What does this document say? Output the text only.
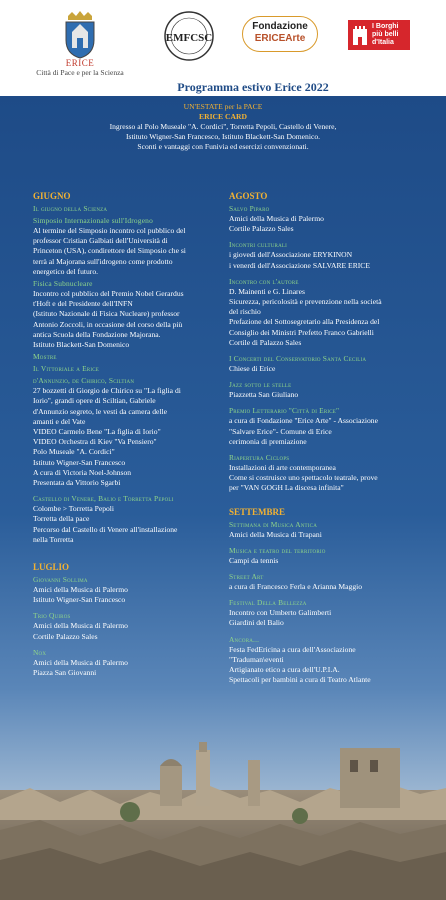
ERICE
Città di Pace e per la Scienza
EMFCSC
Fondazione
ERICEArte
I Borghi
più belli
d'Italia
Programma estivo Erice 2022
UN'ESTATE per la PACE
ERICE CARD
Ingresso al Polo Museale "A. Cordici", Torretta Pepoli, Castello di Venere,
Istituto Wigner-San Francesco, Istituto Blackett-San Domenico.
Sconti e vantaggi con Funivia ed esercizi convenzionati.
GIUGNO
Il giugno della Scienza
Simposio Internazionale sull'Idrogeno
Al termine del Simposio incontro col pubblico del
professor Cristian Galbiati dell'Università di
Princeton (USA), condirettore del Simposio che si
terrà al Majorana sull'idrogeno come prodotto
energetico del futuro.
Fisica Subnucleare
Incontro col pubblico del Premio Nobel Gerardus
t'Hoft e del Presidente dell'INFN
(Istituto Nazionale di Fisica Nucleare) professor
Antonio Zoccoli, in occasione del corso della più
antica Scuola della Fondazione Majorana.
Istituto Blackett-San Domenico
Mostre
Il Vittoriale a Erice
d'Annunzio, de Chirico, Sciltian
27 bozzetti di Giorgio de Chirico su "La figlia di
Iorio", grandi opere di Sciltian, Gabriele
d'Annunzio segreto, le vesti da camera delle
amanti e del Vate
VIDEO Carmelo Bene "La figlia di Iorio"
VIDEO Orchestra di Kiev "Va Pensiero"
Polo Museale "A. Cordici"
Istituto Wigner-San Francesco
A cura di Victoria Noel-Johnson
Presentata da Vittorio Sgarbi
Castello di Venere, Balio e Torretta Pepoli
Colombe > Torretta Pepoli
Torretta della pace
Percorso dal Castello di Venere all'installazione
nella Torretta
LUGLIO
Giovanni Sollima
Amici della Musica di Palermo
Istituto Wigner-San Francesco
Trio Quiros
Amici della Musica di Palermo
Cortile Palazzo Sales
Nox
Amici della Musica di Palermo
Piazza San Giovanni
AGOSTO
Salvo Piparo
Amici della Musica di Palermo
Cortile Palazzo Sales
Incontri culturali
i giovedì dell'Associazione ERYKINON
i venerdì dell'Associazione SALVARE ERICE
Incontro con l'autore
D. Mainenti e G. Linares
Sicurezza, pericolosità e prevenzione nella società
del rischio
Prefazione del Sottosegretario alla Presidenza del
Consiglio dei Ministri Prefetto Franco Gabrielli
Cortile di Palazzo Sales
I Concerti del Conservatorio Santa Cecilia
Chiese di Erice
Jazz sotto le stelle
Piazzetta San Giuliano
Premio Letterario "Città di Erice"
a cura di Fondazione "Erice Arte" - Associazione
"Salvare Erice"- Comune di Erice
cerimonia di premiazione
Riapertura Ciclops
Installazioni di arte contemporanea
Come si costruisce uno spettacolo teatrale, prove
per "VAN GOGH La discesa infinita"
SETTEMBRE
Settimana di Musica Antica
Amici della Musica di Trapani
Musica e teatro del territorio
Campi da tennis
Street Art
a cura di Francesco Ferla e Arianna Maggio
Festival Della Bellezza
Incontro con Umberto Galimberti
Giardini del Balio
Ancora...
Festa FedEricina a cura dell'Associazione
"Traduman\eventi
Artigianato etico a cura dell'U.P.I.A.
Spettacoli per bambini a cura di Teatro Atlante
